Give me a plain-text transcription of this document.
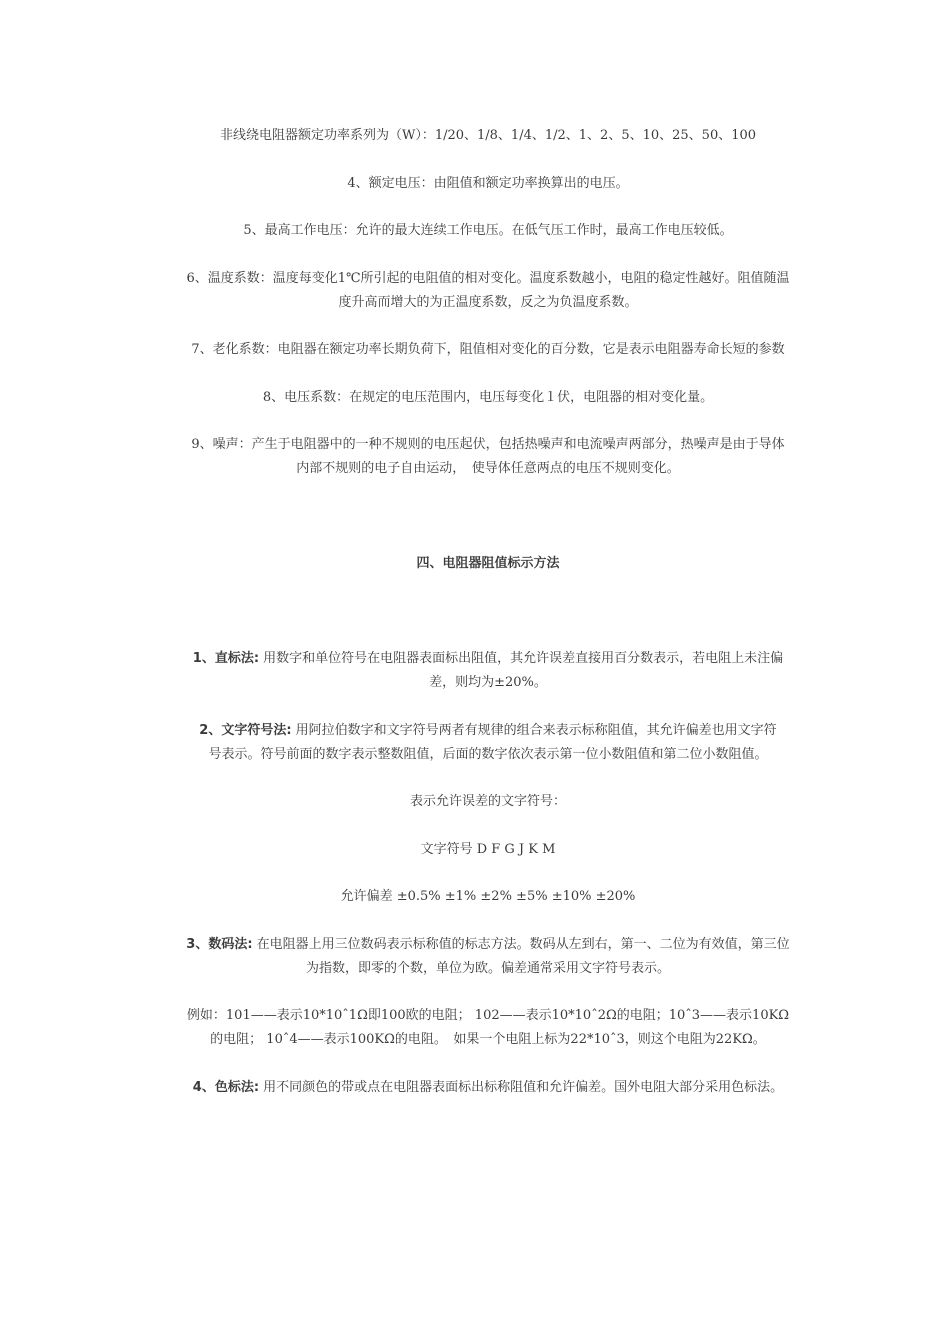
非线绕电阻器额定功率系列为（W）：1/20、1/8、1/4、1/2、1、2、5、10、25、50、100

4、额定电压：由阻值和额定功率换算出的电压。

5、最高工作电压：允许的最大连续工作电压。在低气压工作时，最高工作电压较低。

6、温度系数：温度每变化1℃所引起的电阻值的相对变化。温度系数越小，电阻的稳定性越好。阻值随温

度升高而增大的为正温度系数，反之为负温度系数。

7、老化系数：电阻器在额定功率长期负荷下，阻值相对变化的百分数，它是表示电阻器寿命长短的参数

8、电压系数：在规定的电压范围内，电压每变化１伏，电阻器的相对变化量。

9、噪声：产生于电阻器中的一种不规则的电压起伏，包括热噪声和电流噪声两部分，热噪声是由于导体

内部不规则的电子自由运动，　使导体任意两点的电压不规则变化。

四、电阻器阻值标示方法

1、直标法: 用数字和单位符号在电阻器表面标出阻值，其允许误差直接用百分数表示，若电阻上未注偏

差，则均为±20%。

2、文字符号法: 用阿拉伯数字和文字符号两者有规律的组合来表示标称阻值，其允许偏差也用文字符

号表示。符号前面的数字表示整数阻值，后面的数字依次表示第一位小数阻值和第二位小数阻值。

表示允许误差的文字符号：

文字符号 D F G J K M

允许偏差 ±0.5% ±1% ±2% ±5% ±10% ±20%

3、数码法: 在电阻器上用三位数码表示标称值的标志方法。数码从左到右，第一、二位为有效值，第三位

为指数，即零的个数，单位为欧。偏差通常采用文字符号表示。

例如：101——表示10*10ˆ1Ω即100欧的电阻； 102——表示10*10ˆ2Ω的电阻；10ˆ3——表示10KΩ

的电阻； 10ˆ4——表示100KΩ的电阻。　如果一个电阻上标为22*10ˆ3，则这个电阻为22KΩ。

4、色标法: 用不同颜色的带或点在电阻器表面标出标称阻值和允许偏差。国外电阻大部分采用色标法。
